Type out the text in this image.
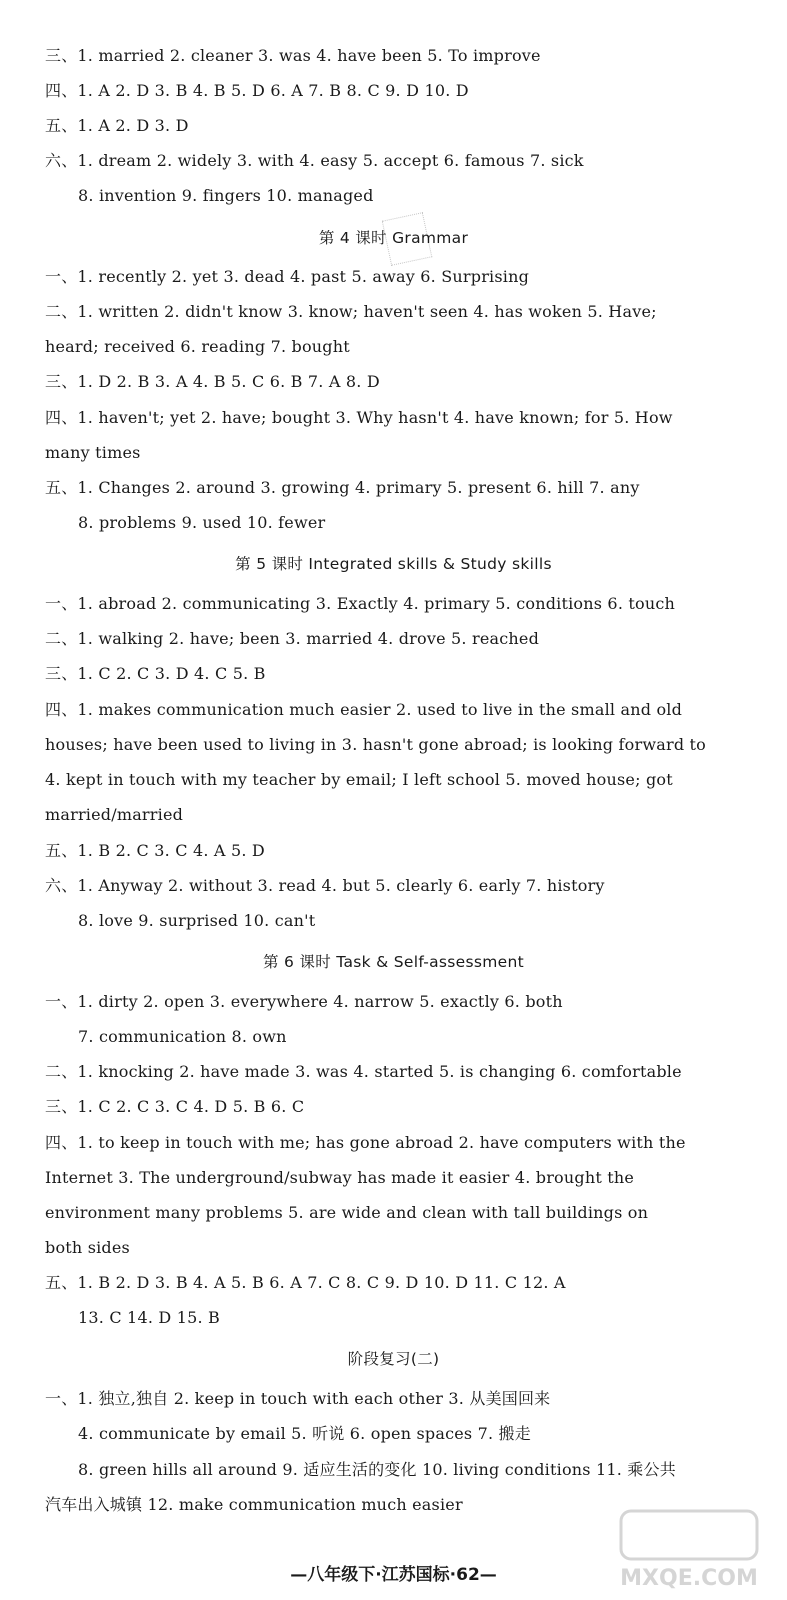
三、1. married 2. cleaner 3. was 4. have been 5. To improve
四、1. A 2. D 3. B 4. B 5. D 6. A 7. B 8. C 9. D 10. D
五、1. A 2. D 3. D
六、1. dream 2. widely 3. with 4. easy 5. accept 6. famous 7. sick
8. invention 9. fingers 10. managed
第 4 课时 Grammar
一、1. recently 2. yet 3. dead 4. past 5. away 6. Surprising
二、1. written 2. didn't know 3. know; haven't seen 4. has woken 5. Have;
heard; received 6. reading 7. bought
三、1. D 2. B 3. A 4. B 5. C 6. B 7. A 8. D
四、1. haven't; yet 2. have; bought 3. Why hasn't 4. have known; for 5. How
many times
五、1. Changes 2. around 3. growing 4. primary 5. present 6. hill 7. any
8. problems 9. used 10. fewer
第 5 课时 Integrated skills & Study skills
一、1. abroad 2. communicating 3. Exactly 4. primary 5. conditions 6. touch
二、1. walking 2. have; been 3. married 4. drove 5. reached
三、1. C 2. C 3. D 4. C 5. B
四、1. makes communication much easier 2. used to live in the small and old
houses; have been used to living in 3. hasn't gone abroad; is looking forward to
4. kept in touch with my teacher by email; I left school 5. moved house; got
married/married
五、1. B 2. C 3. C 4. A 5. D
六、1. Anyway 2. without 3. read 4. but 5. clearly 6. early 7. history
8. love 9. surprised 10. can't
第 6 课时 Task & Self-assessment
一、1. dirty 2. open 3. everywhere 4. narrow 5. exactly 6. both
7. communication 8. own
二、1. knocking 2. have made 3. was 4. started 5. is changing 6. comfortable
三、1. C 2. C 3. C 4. D 5. B 6. C
四、1. to keep in touch with me; has gone abroad 2. have computers with the
Internet 3. The underground/subway has made it easier 4. brought the
environment many problems 5. are wide and clean with tall buildings on
both sides
五、1. B 2. D 3. B 4. A 5. B 6. A 7. C 8. C 9. D 10. D 11. C 12. A
13. C 14. D 15. B
阶段复习(二)
一、1. 独立,独自 2. keep in touch with each other 3. 从美国回来
4. communicate by email 5. 听说 6. open spaces 7. 搬走
8. green hills all around 9. 适应生活的变化 10. living conditions 11. 乘公共
汽车出入城镇 12. make communication much easier
MXQE.COM
—八年级下·江苏国标·62—
